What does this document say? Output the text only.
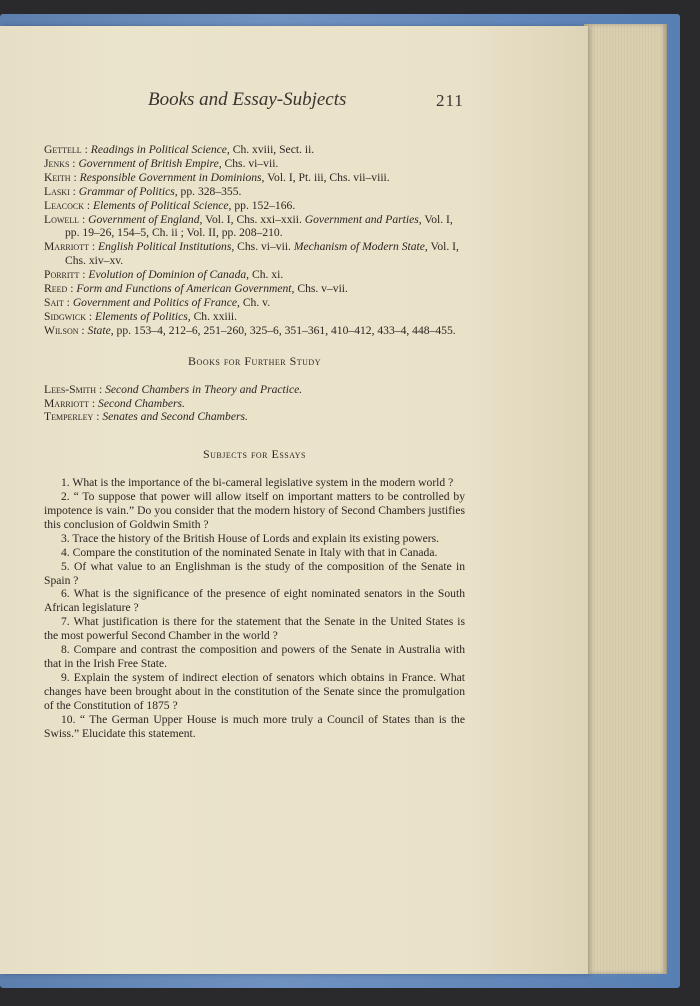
Books and Essay-Subjects	211

Gettell : Readings in Political Science, Ch. xviii, Sect. ii.

Jenks : Government of British Empire, Chs. vi–vii.

Keith : Responsible Government in Dominions, Vol. I, Pt. iii, Chs. vii–viii.

Laski : Grammar of Politics, pp. 328–355.

Leacock : Elements of Political Science, pp. 152–166.

Lowell : Government of England, Vol. I, Chs. xxi–xxii. Government and Parties, Vol. I, pp. 19–26, 154–5, Ch. ii ; Vol. II, pp. 208–210.

Marriott : English Political Institutions, Chs. vi–vii. Mechanism of Modern State, Vol. I, Chs. xiv–xv.

Porritt : Evolution of Dominion of Canada, Ch. xi.

Reed : Form and Functions of American Government, Chs. v–vii.

Sait : Government and Politics of France, Ch. v.

Sidgwick : Elements of Politics, Ch. xxiii.

Wilson : State, pp. 153–4, 212–6, 251–260, 325–6, 351–361, 410–412, 433–4, 448–455.

Books for Further Study

Lees-Smith : Second Chambers in Theory and Practice.

Marriott : Second Chambers.

Temperley : Senates and Second Chambers.

Subjects for Essays

1. What is the importance of the bi-cameral legislative system in the modern world ?

2. “ To suppose that power will allow itself on important matters to be controlled by impotence is vain.” Do you consider that the modern history of Second Chambers justifies this conclusion of Goldwin Smith ?

3. Trace the history of the British House of Lords and explain its existing powers.

4. Compare the constitution of the nominated Senate in Italy with that in Canada.

5. Of what value to an Englishman is the study of the composition of the Senate in Spain ?

6. What is the significance of the presence of eight nominated senators in the South African legislature ?

7. What justification is there for the statement that the Senate in the United States is the most powerful Second Chamber in the world ?

8. Compare and contrast the composition and powers of the Senate in Australia with that in the Irish Free State.

9. Explain the system of indirect election of senators which obtains in France. What changes have been brought about in the constitution of the Senate since the promulgation of the Constitution of 1875 ?

10. “ The German Upper House is much more truly a Council of States than is the Swiss.” Elucidate this statement.
